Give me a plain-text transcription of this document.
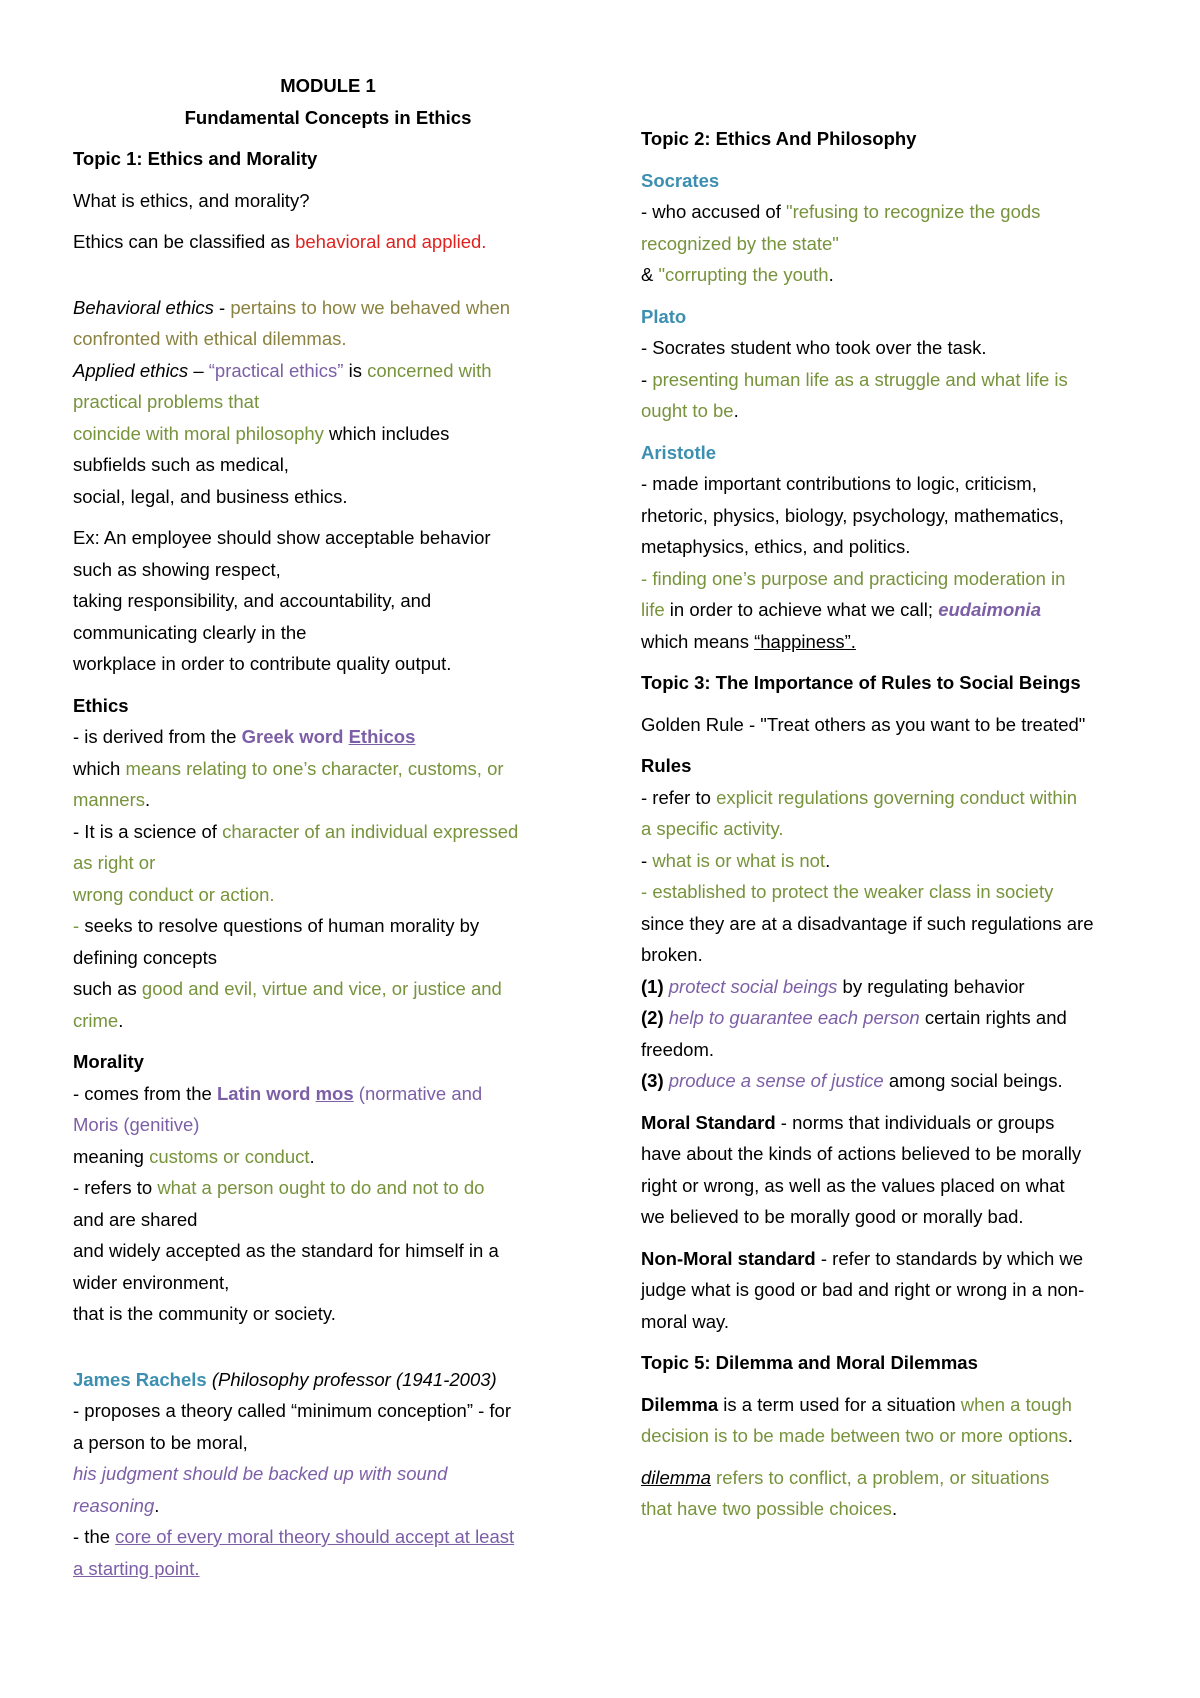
MODULE 1

Fundamental Concepts in Ethics

Topic 1: Ethics and Morality

What is ethics, and morality?

Ethics can be classified as behavioral and applied.

Behavioral ethics - pertains to how we behaved when

confronted with ethical dilemmas.

Applied ethics – “practical ethics” is concerned with

practical problems that

coincide with moral philosophy which includes

subfields such as medical,

social, legal, and business ethics.

Ex: An employee should show acceptable behavior

such as showing respect,

taking responsibility, and accountability, and

communicating clearly in the

workplace in order to contribute quality output.

Ethics

- is derived from the Greek word Ethicos

which means relating to one’s character, customs, or

manners.

- It is a science of character of an individual expressed

as right or

wrong conduct or action.

- seeks to resolve questions of human morality by

defining concepts

such as good and evil, virtue and vice, or justice and

crime.

Morality

- comes from the Latin word mos (normative and

Moris (genitive)

meaning customs or conduct.

- refers to what a person ought to do and not to do

and are shared

and widely accepted as the standard for himself in a

wider environment,

that is the community or society.

James Rachels (Philosophy professor (1941-2003)

- proposes a theory called “minimum conception” - for

a person to be moral,

his judgment should be backed up with sound

reasoning.

- the core of every moral theory should accept at least

a starting point.

Topic 2: Ethics And Philosophy

Socrates

- who accused of "refusing to recognize the gods

recognized by the state"

& "corrupting the youth.

Plato

- Socrates student who took over the task.

- presenting human life as a struggle and what life is

ought to be.

Aristotle

- made important contributions to logic, criticism,

rhetoric, physics, biology, psychology, mathematics,

metaphysics, ethics, and politics.

- finding one’s purpose and practicing moderation in

life in order to achieve what we call; eudaimonia

which means “happiness”.

Topic 3: The Importance of Rules to Social Beings

Golden Rule - "Treat others as you want to be treated"

Rules

- refer to explicit regulations governing conduct within

a specific activity.

- what is or what is not.

- established to protect the weaker class in society

since they are at a disadvantage if such regulations are

broken.

(1) protect social beings by regulating behavior

(2) help to guarantee each person certain rights and

freedom.

(3) produce a sense of justice among social beings.

Moral Standard - norms that individuals or groups

have about the kinds of actions believed to be morally

right or wrong, as well as the values placed on what

we believed to be morally good or morally bad.

Non-Moral standard - refer to standards by which we

judge what is good or bad and right or wrong in a non-

moral way.

Topic 5: Dilemma and Moral Dilemmas

Dilemma is a term used for a situation when a tough

decision is to be made between two or more options.

dilemma refers to conflict, a problem, or situations

that have two possible choices.
